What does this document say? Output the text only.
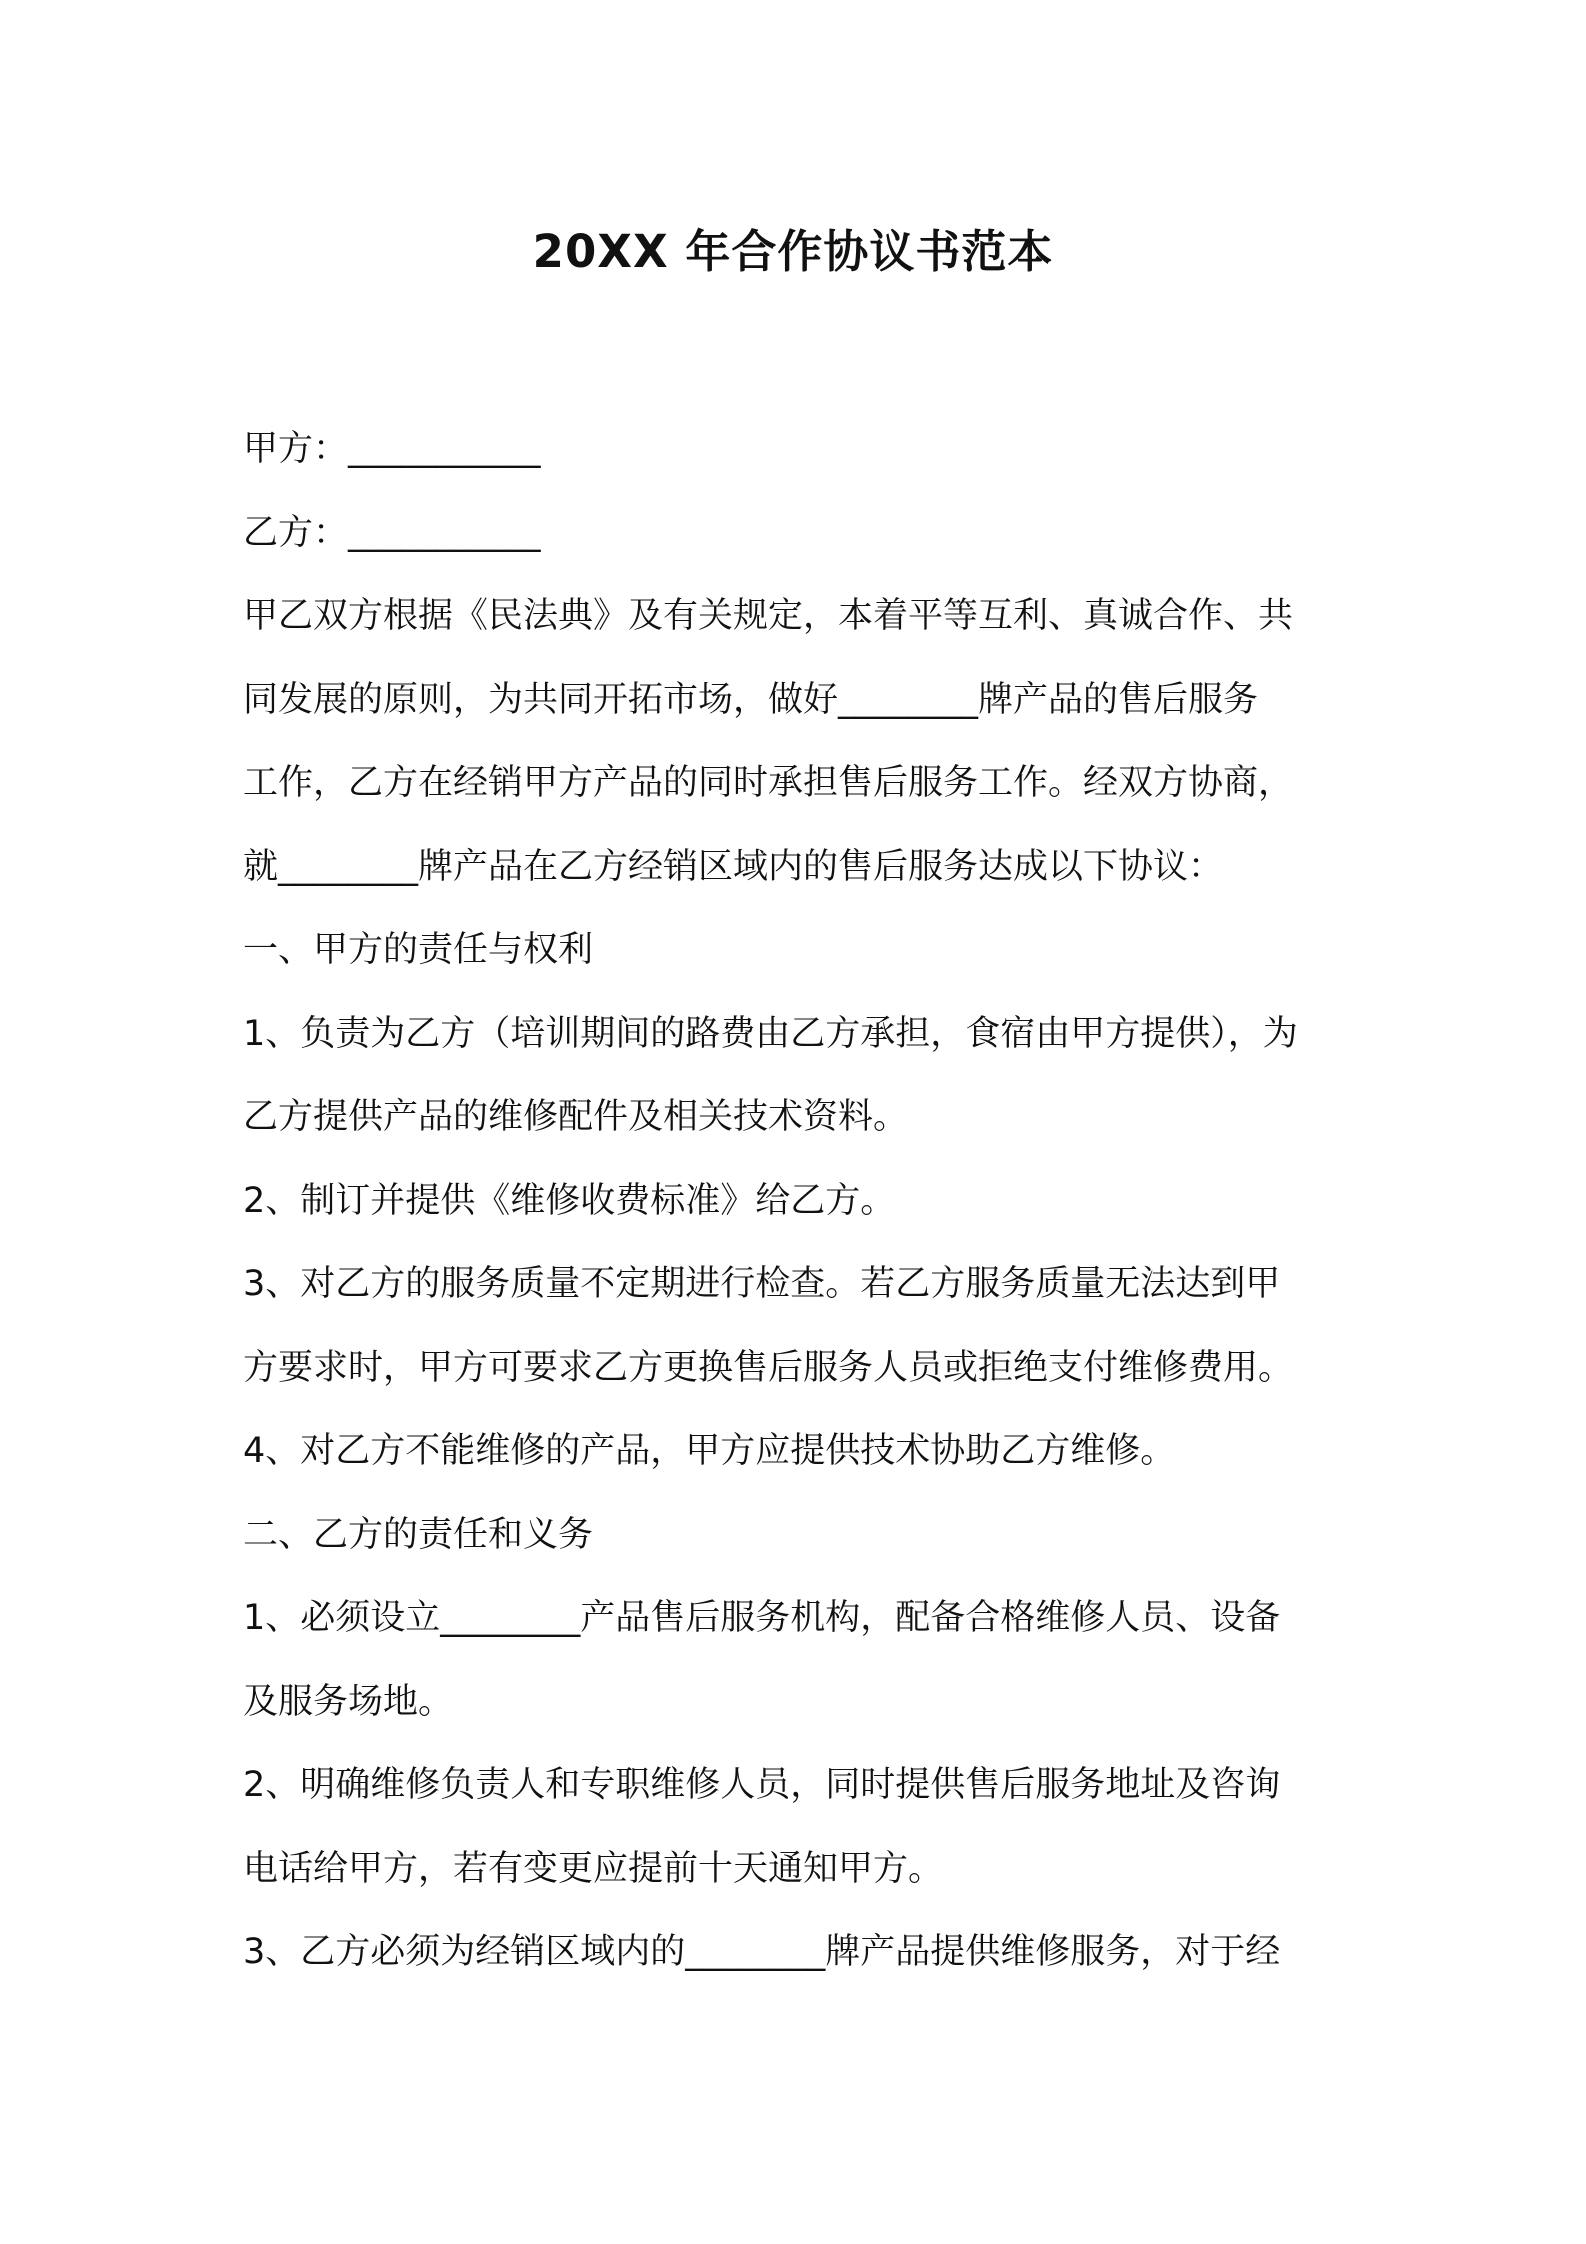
20XX 年合作协议书范本
甲方：___________
乙方：___________
甲乙双方根据《民法典》及有关规定，本着平等互利、真诚合作、共
同发展的原则，为共同开拓市场，做好________牌产品的售后服务
工作，乙方在经销甲方产品的同时承担售后服务工作。经双方协商，
就________牌产品在乙方经销区域内的售后服务达成以下协议：
一、甲方的责任与权利
1、负责为乙方（培训期间的路费由乙方承担，食宿由甲方提供），为
乙方提供产品的维修配件及相关技术资料。
2、制订并提供《维修收费标准》给乙方。
3、对乙方的服务质量不定期进行检查。若乙方服务质量无法达到甲
方要求时，甲方可要求乙方更换售后服务人员或拒绝支付维修费用。
4、对乙方不能维修的产品，甲方应提供技术协助乙方维修。
二、乙方的责任和义务
1、必须设立________产品售后服务机构，配备合格维修人员、设备
及服务场地。
2、明确维修负责人和专职维修人员，同时提供售后服务地址及咨询
电话给甲方，若有变更应提前十天通知甲方。
3、乙方必须为经销区域内的________牌产品提供维修服务，对于经
